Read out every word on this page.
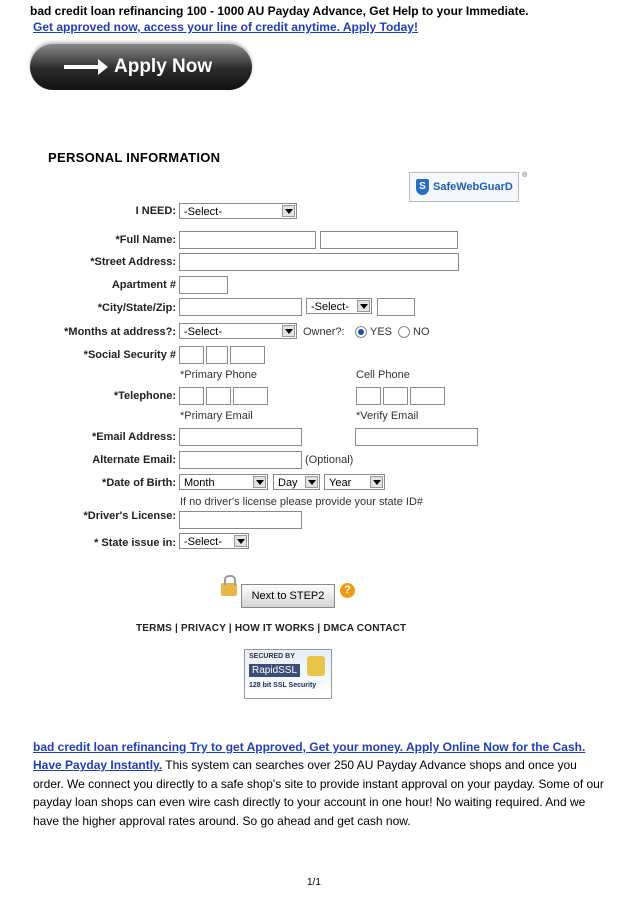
bad credit loan refinancing 100 - 1000 AU Payday Advance, Get Help to your Immediate.
Get approved now, access your line of credit anytime. Apply Today!
Apply Now
PERSONAL INFORMATION
S SafeWebGuarD
®
I NEED: -Select-
*Full Name:
*Street Address:
Apartment #
*City/State/Zip:	-Select-
*Months at address?: -Select-	Owner?: YES NO
*Social Security #
*Primary Phone	Cell Phone
*Telephone:
*Primary Email	*Verify Email
*Email Address:
Alternate Email:	(Optional)
*Date of Birth: Month	Day	Year
If no driver's license please provide your state ID#
*Driver's License:
* State issue in: -Select-
Next to STEP2	?
TERMS | PRIVACY | HOW IT WORKS | DMCA CONTACT
SECURED BY
RapidSSL
128 bit SSL Security
bad credit loan refinancing Try to get Approved, Get your money. Apply Online Now for the Cash.
Have Payday Instantly. This system can searches over 250 AU Payday Advance shops and once you order. We connect you directly to a safe shop's site to provide instant approval on your payday. Some of our payday loan shops can even wire cash directly to your account in one hour! No waiting required. And we have the higher approval rates around. So go ahead and get cash now.
1/1
